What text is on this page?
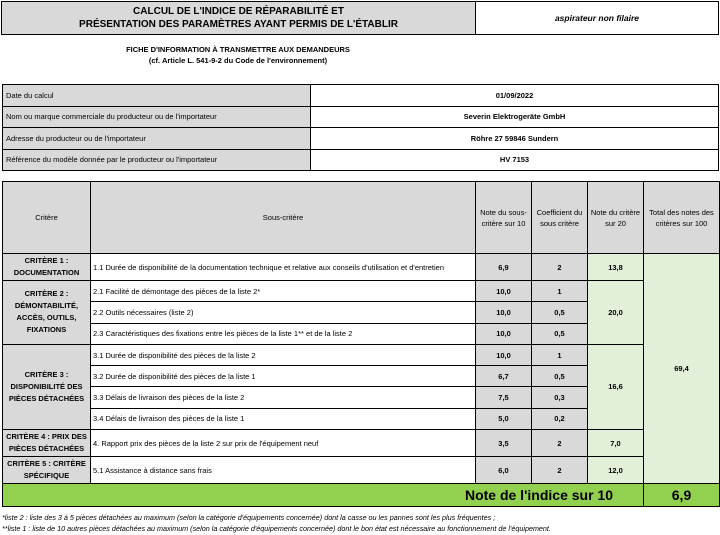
CALCUL DE L'INDICE DE RÉPARABILITÉ ET
PRÉSENTATION DES PARAMÈTRES AYANT PERMIS DE L'ÉTABLIR
aspirateur non filaire
FICHE D'INFORMATION À TRANSMETTRE AUX DEMANDEURS
(cf. Article L. 541-9-2 du Code de l'environnement)
Date du calcul	01/09/2022
Nom ou marque commerciale du producteur ou de l'importateur	Severin Elektrogeräte GmbH
Adresse du producteur ou de l'importateur	Röhre 27 59846 Sundern
Référence du modèle donnée par le producteur ou l'importateur	HV 7153
Critère	Sous-critère	Note du sous-critère sur 10	Coefficient du sous critère	Note du critère sur 20	Total des notes des critères sur 100
CRITÈRE 1 : DOCUMENTATION	1.1 Durée de disponibilité de la documentation technique et relative aux conseils d'utilisation et d'entretien	6,9	2	13,8	69,4
CRITÈRE 2 : DÉMONTABILITÉ, ACCÈS, OUTILS, FIXATIONS	2.1 Facilité de démontage des pièces de la liste 2*	10,0	1	20,0	
	2.2 Outils nécessaires (liste 2)	10,0	0,5		
	2.3 Caractéristiques des fixations entre les pièces de la liste 1** et de la liste 2	10,0	0,5		
CRITÈRE 3 : DISPONIBILITÉ DES PIÈCES DÉTACHÉES	3.1 Durée de disponibilité des pièces de la liste 2	10,0	1	16,6	
	3.2 Durée de disponibilité des pièces de la liste 1	6,7	0,5		
	3.3 Délais de livraison des pièces de la liste 2	7,5	0,3		
	3.4 Délais de livraison des pièces de la liste 1	5,0	0,2		
CRITÈRE 4 : PRIX DES PIÈCES DÉTACHÉES	4. Rapport prix des pièces de la liste 2 sur prix de l'équipement neuf	3,5	2	7,0	
CRITÈRE 5 : CRITÈRE SPÉCIFIQUE	5.1 Assistance à distance sans frais	6,0	2	12,0	
Note de l'indice sur 10					6,9
*liste 2 : liste des 3 à 5 pièces détachées au maximum (selon la catégorie d'équipements concernée) dont la casse ou les pannes sont les plus fréquentes ;
**liste 1 : liste de 10 autres pièces détachées au maximum (selon la catégorie d'équipements concernée) dont le bon état est nécessaire au fonctionnement de l'équipement.
